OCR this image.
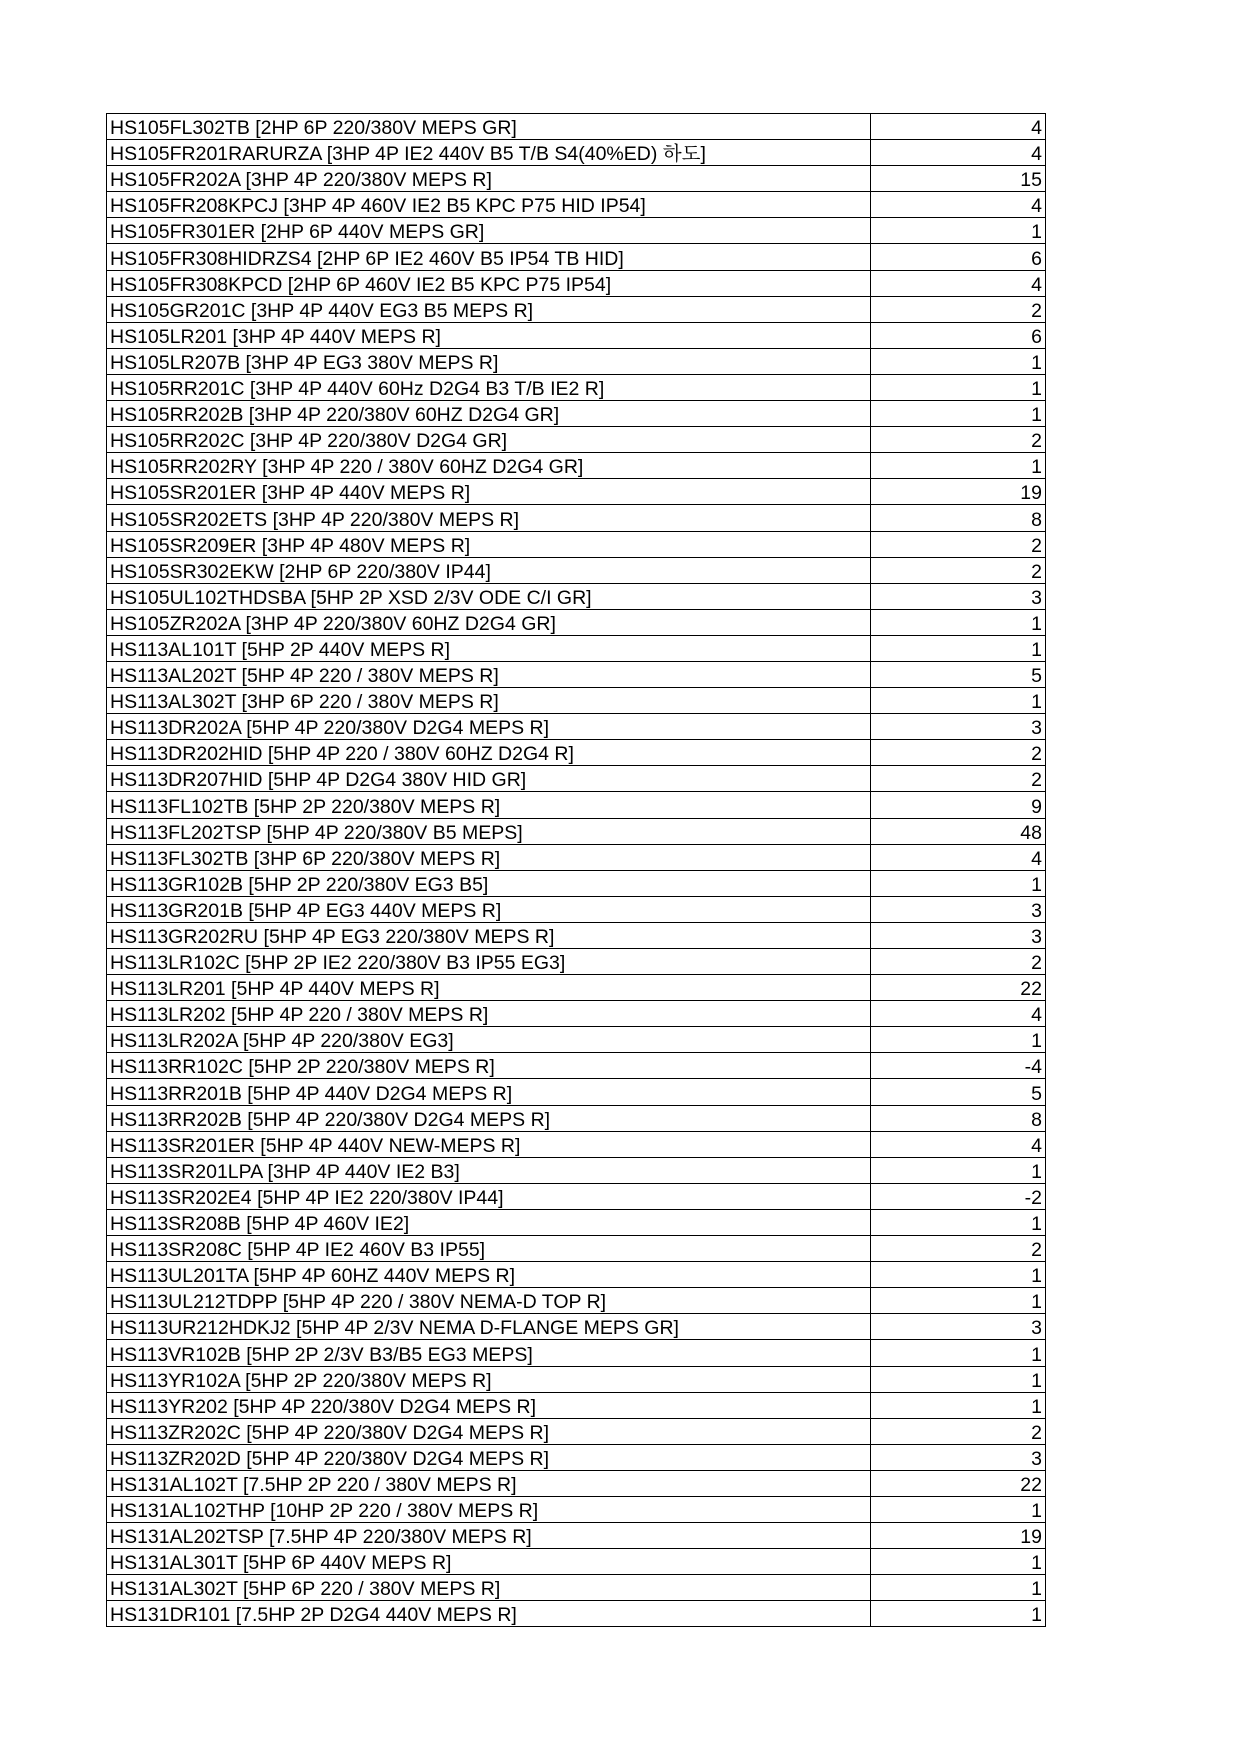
HS105FL302TB [2HP 6P 220/380V MEPS GR]	4
HS105FR201RARURZA [3HP 4P IE2 440V B5 T/B S4(40%ED) 하도]	4
HS105FR202A [3HP 4P 220/380V MEPS R]	15
HS105FR208KPCJ [3HP 4P 460V IE2 B5 KPC P75 HID IP54]	4
HS105FR301ER [2HP 6P 440V MEPS GR]	1
HS105FR308HIDRZS4 [2HP 6P IE2 460V B5 IP54 TB HID]	6
HS105FR308KPCD [2HP 6P 460V IE2 B5 KPC P75 IP54]	4
HS105GR201C [3HP 4P 440V EG3 B5 MEPS R]	2
HS105LR201 [3HP 4P 440V MEPS R]	6
HS105LR207B [3HP 4P EG3 380V MEPS R]	1
HS105RR201C [3HP 4P 440V 60Hz D2G4 B3 T/B IE2 R]	1
HS105RR202B [3HP 4P 220/380V 60HZ D2G4 GR]	1
HS105RR202C [3HP 4P 220/380V D2G4 GR]	2
HS105RR202RY [3HP 4P 220 / 380V 60HZ D2G4 GR]	1
HS105SR201ER [3HP 4P 440V MEPS R]	19
HS105SR202ETS [3HP 4P 220/380V MEPS R]	8
HS105SR209ER [3HP 4P 480V MEPS R]	2
HS105SR302EKW [2HP 6P 220/380V IP44]	2
HS105UL102THDSBA [5HP 2P XSD 2/3V ODE C/I GR]	3
HS105ZR202A [3HP 4P 220/380V 60HZ D2G4 GR]	1
HS113AL101T [5HP 2P 440V MEPS R]	1
HS113AL202T [5HP 4P 220 / 380V MEPS R]	5
HS113AL302T [3HP 6P 220 / 380V MEPS R]	1
HS113DR202A [5HP 4P 220/380V D2G4 MEPS R]	3
HS113DR202HID [5HP 4P 220 / 380V 60HZ D2G4 R]	2
HS113DR207HID [5HP 4P D2G4 380V HID GR]	2
HS113FL102TB [5HP 2P 220/380V MEPS R]	9
HS113FL202TSP [5HP 4P 220/380V B5 MEPS]	48
HS113FL302TB [3HP 6P 220/380V MEPS R]	4
HS113GR102B [5HP 2P 220/380V EG3 B5]	1
HS113GR201B [5HP 4P EG3 440V MEPS R]	3
HS113GR202RU [5HP 4P EG3 220/380V MEPS R]	3
HS113LR102C [5HP 2P IE2 220/380V B3 IP55 EG3]	2
HS113LR201 [5HP 4P 440V MEPS R]	22
HS113LR202 [5HP 4P 220 / 380V MEPS R]	4
HS113LR202A [5HP 4P 220/380V EG3]	1
HS113RR102C [5HP 2P 220/380V MEPS R]	-4
HS113RR201B [5HP 4P 440V D2G4 MEPS R]	5
HS113RR202B [5HP 4P 220/380V D2G4 MEPS R]	8
HS113SR201ER [5HP 4P 440V NEW-MEPS R]	4
HS113SR201LPA [3HP 4P 440V IE2 B3]	1
HS113SR202E4 [5HP 4P IE2 220/380V IP44]	-2
HS113SR208B [5HP 4P 460V IE2]	1
HS113SR208C [5HP 4P IE2 460V B3 IP55]	2
HS113UL201TA [5HP 4P 60HZ 440V MEPS R]	1
HS113UL212TDPP [5HP 4P 220 / 380V NEMA-D TOP R]	1
HS113UR212HDKJ2 [5HP 4P 2/3V NEMA D-FLANGE MEPS GR]	3
HS113VR102B [5HP 2P 2/3V B3/B5 EG3 MEPS]	1
HS113YR102A [5HP 2P 220/380V MEPS R]	1
HS113YR202 [5HP 4P 220/380V D2G4 MEPS R]	1
HS113ZR202C [5HP 4P 220/380V D2G4 MEPS R]	2
HS113ZR202D [5HP 4P 220/380V D2G4 MEPS R]	3
HS131AL102T [7.5HP 2P 220 / 380V MEPS R]	22
HS131AL102THP [10HP 2P 220 / 380V MEPS R]	1
HS131AL202TSP [7.5HP 4P 220/380V MEPS R]	19
HS131AL301T [5HP 6P 440V MEPS R]	1
HS131AL302T [5HP 6P 220 / 380V MEPS R]	1
HS131DR101 [7.5HP 2P D2G4 440V MEPS R]	1
